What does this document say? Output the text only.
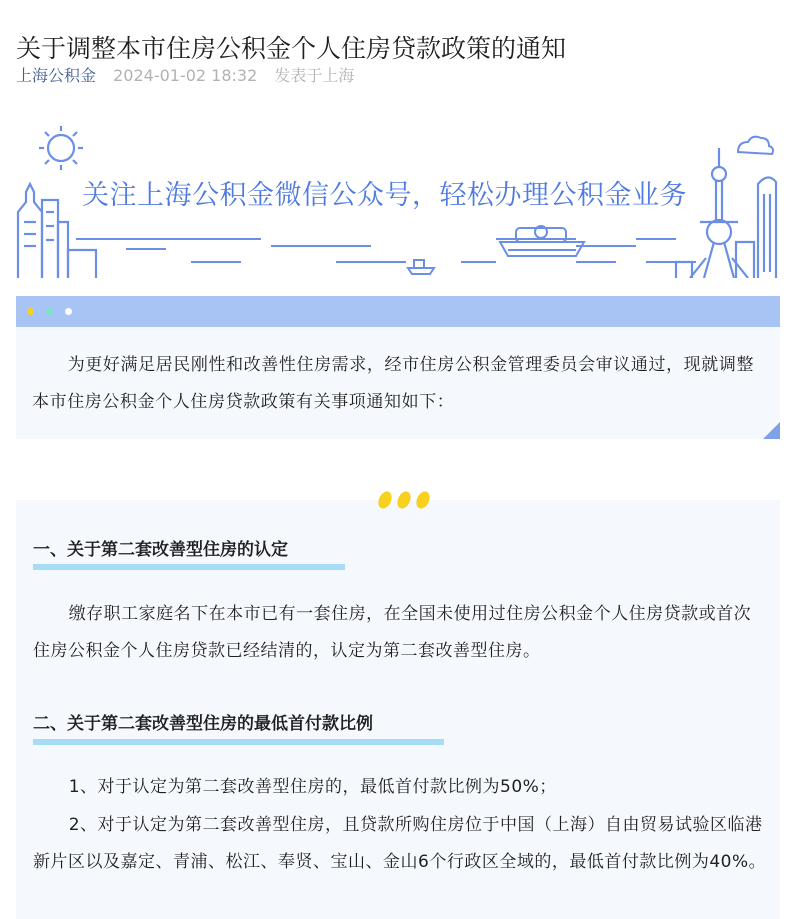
关于调整本市住房公积金个人住房贷款政策的通知
上海公积金 2024-01-02 18:32 发表于上海
关注上海公积金微信公众号，轻松办理公积金业务
为更好满足居民刚性和改善性住房需求，经市住房公积金管理委员会审议通过，现就调整本市住房公积金个人住房贷款政策有关事项通知如下：
一、关于第二套改善型住房的认定
缴存职工家庭名下在本市已有一套住房，在全国未使用过住房公积金个人住房贷款或首次住房公积金个人住房贷款已经结清的，认定为第二套改善型住房。
二、关于第二套改善型住房的最低首付款比例
1、对于认定为第二套改善型住房的，最低首付款比例为50%；
2、对于认定为第二套改善型住房，且贷款所购住房位于中国（上海）自由贸易试验区临港新片区以及嘉定、青浦、松江、奉贤、宝山、金山6个行政区全域的，最低首付款比例为40%。
